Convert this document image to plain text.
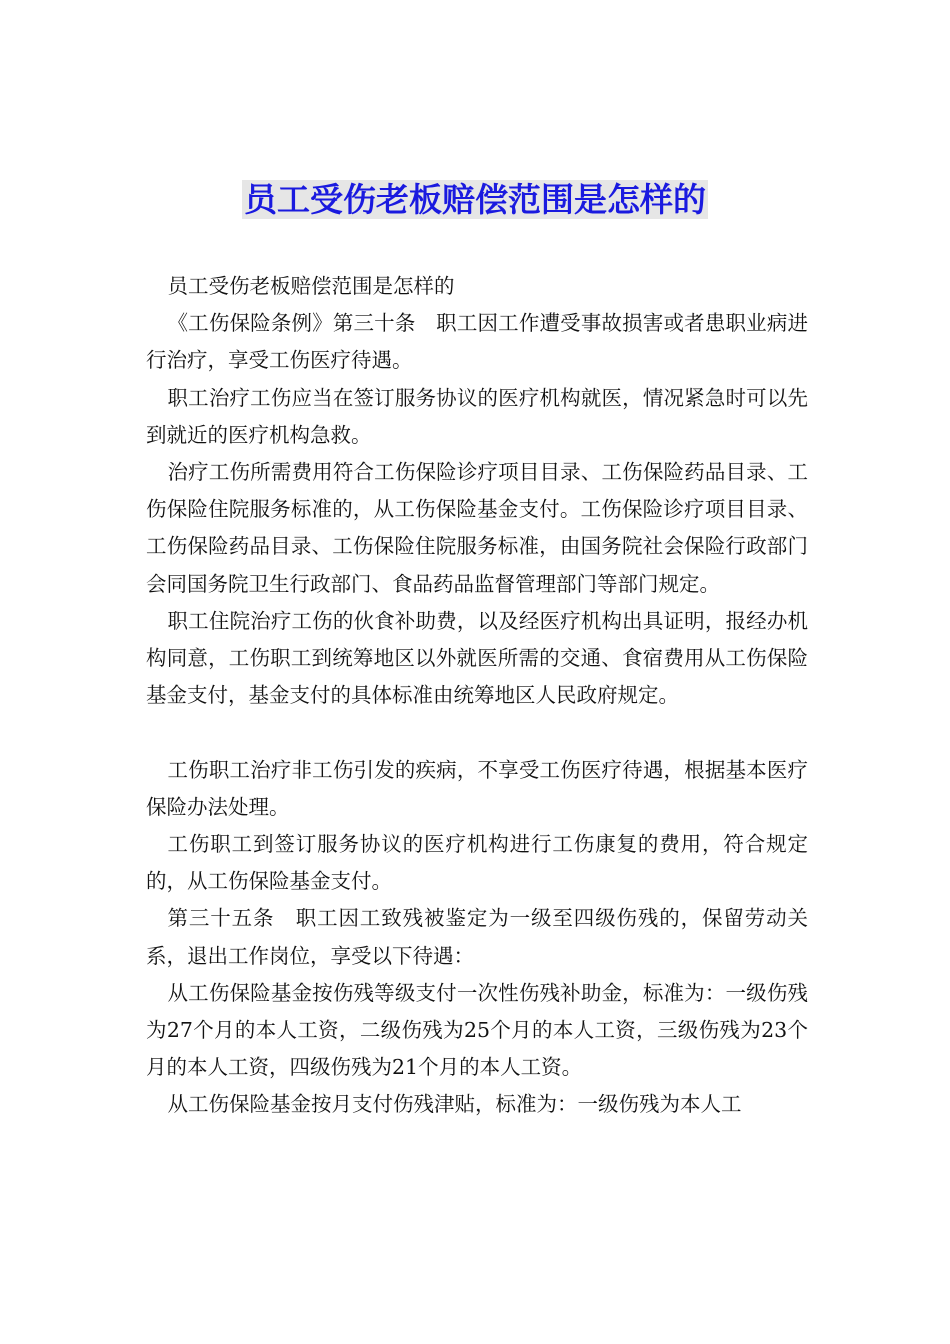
员工受伤老板赔偿范围是怎样的

员工受伤老板赔偿范围是怎样的

《工伤保险条例》第三十条　职工因工作遭受事故损害或者患职业病进行治疗，享受工伤医疗待遇。

职工治疗工伤应当在签订服务协议的医疗机构就医，情况紧急时可以先到就近的医疗机构急救。

治疗工伤所需费用符合工伤保险诊疗项目目录、工伤保险药品目录、工伤保险住院服务标准的，从工伤保险基金支付。工伤保险诊疗项目目录、工伤保险药品目录、工伤保险住院服务标准，由国务院社会保险行政部门会同国务院卫生行政部门、食品药品监督管理部门等部门规定。

职工住院治疗工伤的伙食补助费，以及经医疗机构出具证明，报经办机构同意，工伤职工到统筹地区以外就医所需的交通、食宿费用从工伤保险基金支付，基金支付的具体标准由统筹地区人民政府规定。

工伤职工治疗非工伤引发的疾病，不享受工伤医疗待遇，根据基本医疗保险办法处理。

工伤职工到签订服务协议的医疗机构进行工伤康复的费用，符合规定的，从工伤保险基金支付。

第三十五条　职工因工致残被鉴定为一级至四级伤残的，保留劳动关系，退出工作岗位，享受以下待遇：

从工伤保险基金按伤残等级支付一次性伤残补助金，标准为：一级伤残为27个月的本人工资，二级伤残为25个月的本人工资，三级伤残为23个月的本人工资，四级伤残为21个月的本人工资。

从工伤保险基金按月支付伤残津贴，标准为：一级伤残为本人工
